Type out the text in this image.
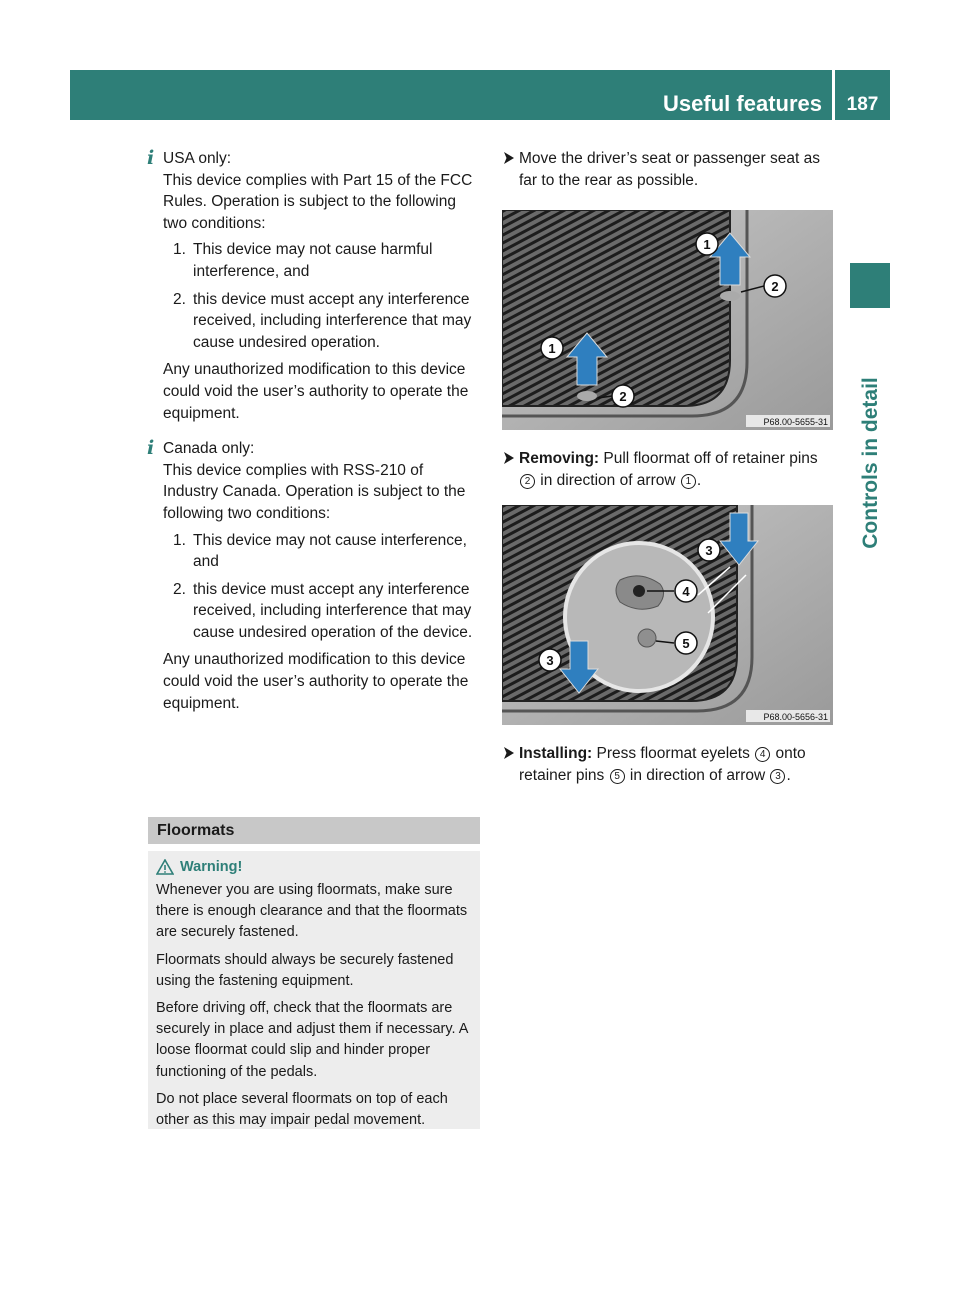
Useful features	187
Controls in detail
i USA only:

This device complies with Part 15 of the FCC Rules. Operation is subject to the following two conditions:

1. This device may not cause harmful interference, and
2. this device must accept any interference received, including interference that may cause undesired operation.

Any unauthorized modification to this device could void the user’s authority to operate the equipment.

i Canada only:

This device complies with RSS-210 of Industry Canada. Operation is subject to the following two conditions:

1. This device may not cause interference, and
2. this device must accept any interference received, including interference that may cause undesired operation of the device.

Any unauthorized modification to this device could void the user’s authority to operate the equipment.

Floormats
Warning!

Whenever you are using floormats, make sure there is enough clearance and that the floormats are securely fastened.

Floormats should always be securely fastened using the fastening equipment.

Before driving off, check that the floormats are securely in place and adjust them if necessary. A loose floormat could slip and hinder proper functioning of the pedals.

Do not place several floormats on top of each other as this may impair pedal movement.

Move the driver’s seat or passenger seat as far to the rear as possible.
1
2
1
2
P68.00-5655-31
Removing: Pull floormat off of retainer pins 2 in direction of arrow 1 .
3
4
5
3
P68.00-5656-31
Installing: Press floormat eyelets 4 onto retainer pins 5 in direction of arrow 3 .
